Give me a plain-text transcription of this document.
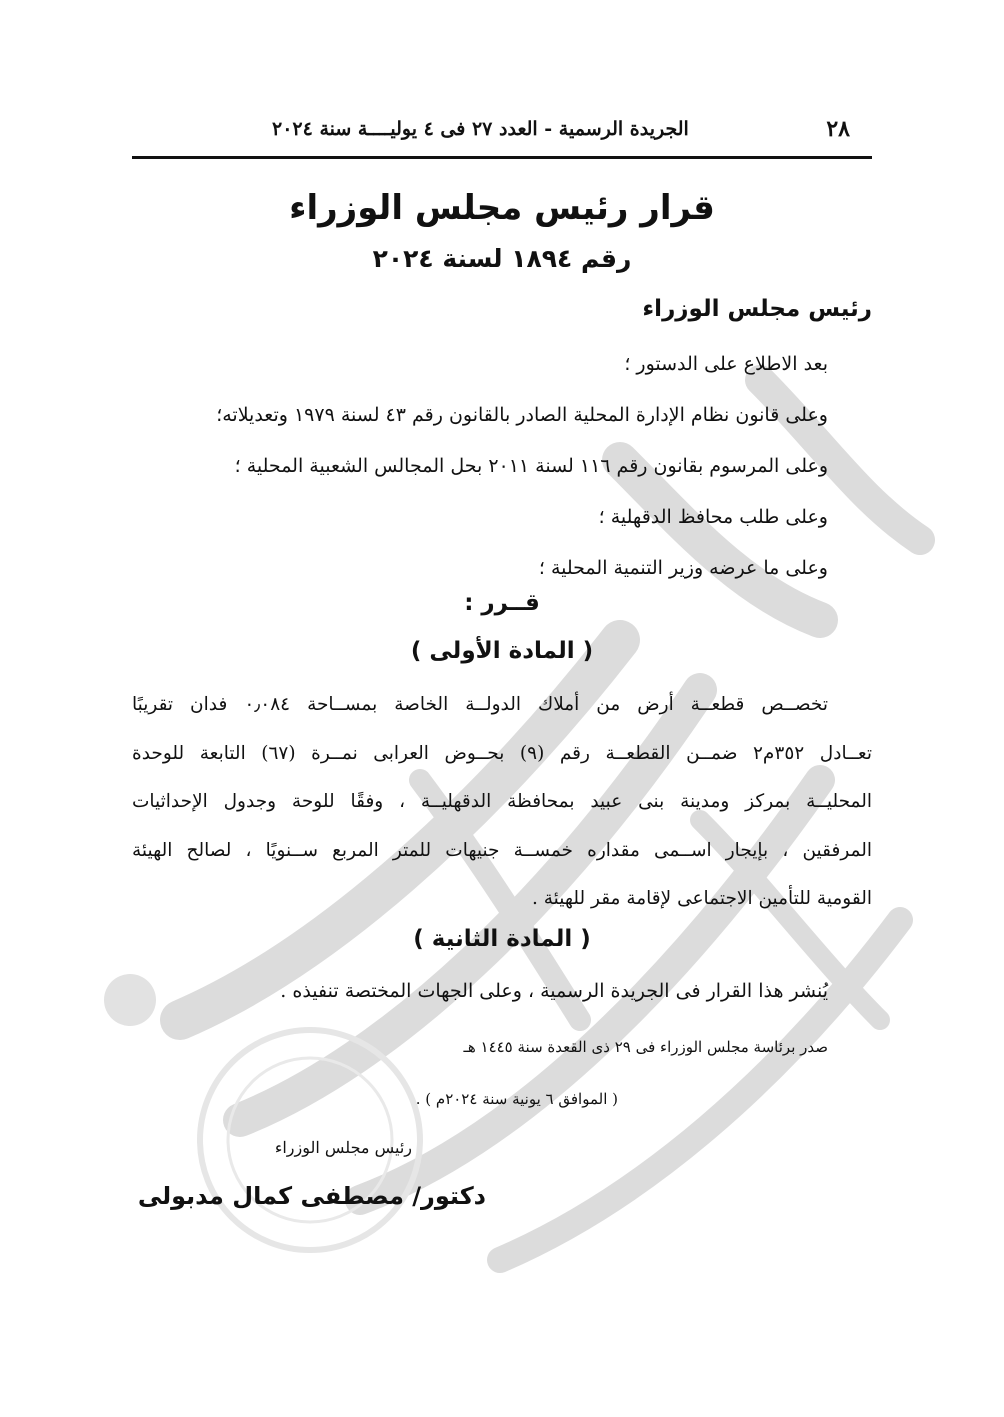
٢٨
الجريدة الرسمية - العدد ٢٧ فى ٤ يوليــــة سنة ٢٠٢٤
قرار رئيس مجلس الوزراء
رقم ١٨٩٤ لسنة ٢٠٢٤
رئيس مجلس الوزراء
بعد الاطلاع على الدستور ؛
وعلى قانون نظام الإدارة المحلية الصادر بالقانون رقم ٤٣ لسنة ١٩٧٩ وتعديلاته؛
وعلى المرسوم بقانون رقم ١١٦ لسنة ٢٠١١ بحل المجالس الشعبية المحلية ؛
وعلى طلب محافظ الدقهلية ؛
وعلى ما عرضه وزير التنمية المحلية ؛
قــرر :
( المادة الأولى )
تخصــص قطعــة أرض من أملاك الدولــة الخاصة بمســاحة ٠٫٠٨٤ فدان تقريبًا
تعــادل ٣٥٢م٢ ضمــن القطعــة رقم (٩) بحــوض العرابى نمــرة (٦٧) التابعة للوحدة
المحليــة بمركز ومدينة بنى عبيد بمحافظة الدقهليــة ، وفقًا للوحة وجدول الإحداثيات
المرفقين ، بإيجار اســمى مقداره خمســة جنيهات للمتر المربع ســنويًا ، لصالح الهيئة
القومية للتأمين الاجتماعى لإقامة مقر للهيئة .
( المادة الثانية )
يُنشر هذا القرار فى الجريدة الرسمية ، وعلى الجهات المختصة تنفيذه .
صدر برئاسة مجلس الوزراء فى ٢٩ ذى القعدة سنة ١٤٤٥ هـ
( الموافق ٦ يونية سنة ٢٠٢٤م ) .
رئيس مجلس الوزراء
دكتور/ مصطفى كمال مدبولى
